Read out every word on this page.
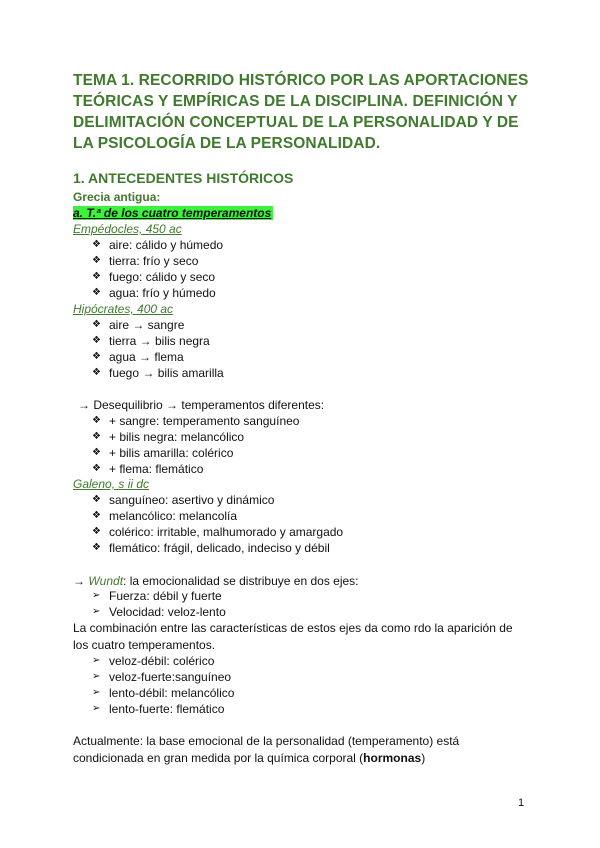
TEMA 1. RECORRIDO HISTÓRICO POR LAS APORTACIONES TEÓRICAS Y EMPÍRICAS DE LA DISCIPLINA. DEFINICIÓN Y DELIMITACIÓN CONCEPTUAL DE LA PERSONALIDAD Y DE LA PSICOLOGÍA DE LA PERSONALIDAD.
1. ANTECEDENTES HISTÓRICOS
Grecia antigua:
a. T.ª de los cuatro temperamentos
Empédocles, 450 ac
❖ aire: cálido y húmedo
❖ tierra: frío y seco
❖ fuego: cálido y seco
❖ agua: frío y húmedo
Hipócrates, 400 ac
❖ aire → sangre
❖ tierra → bilis negra
❖ agua → flema
❖ fuego → bilis amarilla
→ Desequilibrio → temperamentos diferentes:
❖ + sangre: temperamento sanguíneo
❖ + bilis negra: melancólico
❖ + bilis amarilla: colérico
❖ + flema: flemático
Galeno, s ii dc
❖ sanguíneo: asertivo y dinámico
❖ melancólico: melancolía
❖ colérico: irritable, malhumorado y amargado
❖ flemático: frágil, delicado, indeciso y débil
→ Wundt: la emocionalidad se distribuye en dos ejes:
➢ Fuerza: débil y fuerte
➢ Velocidad: veloz-lento
La combinación entre las características de estos ejes da como rdo la aparición de los cuatro temperamentos.
➢ veloz-débil: colérico
➢ veloz-fuerte:sanguíneo
➢ lento-débil: melancólico
➢ lento-fuerte: flemático
Actualmente: la base emocional de la personalidad (temperamento) está condicionada en gran medida por la química corporal (hormonas)
1
